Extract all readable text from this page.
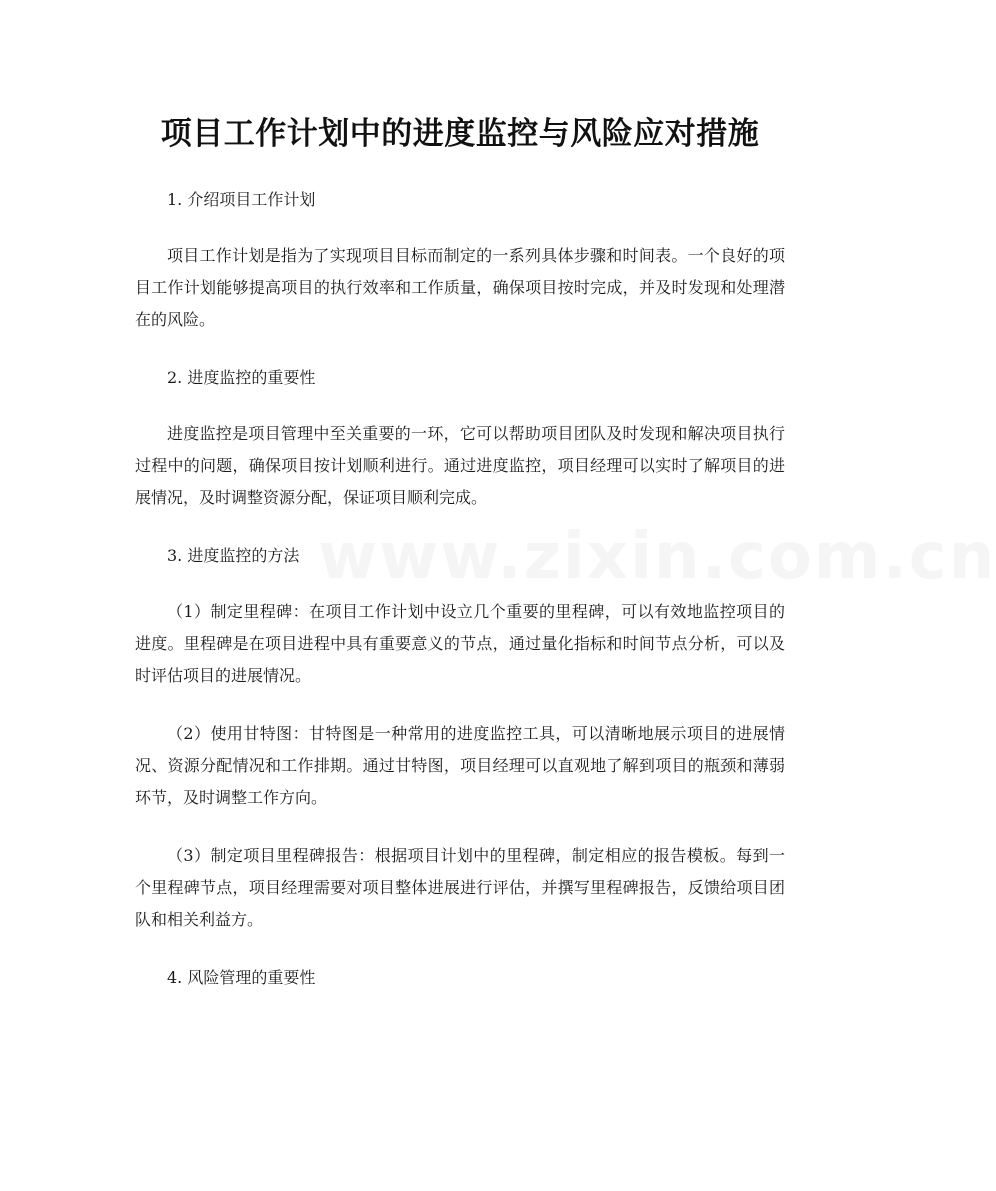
www.zixin.com.cn
项目工作计划中的进度监控与风险应对措施

1. 介绍项目工作计划

项目工作计划是指为了实现项目目标而制定的一系列具体步骤和时间表。一个良好的项目工作计划能够提高项目的执行效率和工作质量，确保项目按时完成，并及时发现和处理潜在的风险。

2. 进度监控的重要性

进度监控是项目管理中至关重要的一环，它可以帮助项目团队及时发现和解决项目执行过程中的问题，确保项目按计划顺利进行。通过进度监控，项目经理可以实时了解项目的进展情况，及时调整资源分配，保证项目顺利完成。

3. 进度监控的方法

（1）制定里程碑：在项目工作计划中设立几个重要的里程碑，可以有效地监控项目的进度。里程碑是在项目进程中具有重要意义的节点，通过量化指标和时间节点分析，可以及时评估项目的进展情况。

（2）使用甘特图：甘特图是一种常用的进度监控工具，可以清晰地展示项目的进展情况、资源分配情况和工作排期。通过甘特图，项目经理可以直观地了解到项目的瓶颈和薄弱环节，及时调整工作方向。

（3）制定项目里程碑报告：根据项目计划中的里程碑，制定相应的报告模板。每到一个里程碑节点，项目经理需要对项目整体进展进行评估，并撰写里程碑报告，反馈给项目团队和相关利益方。

4. 风险管理的重要性
